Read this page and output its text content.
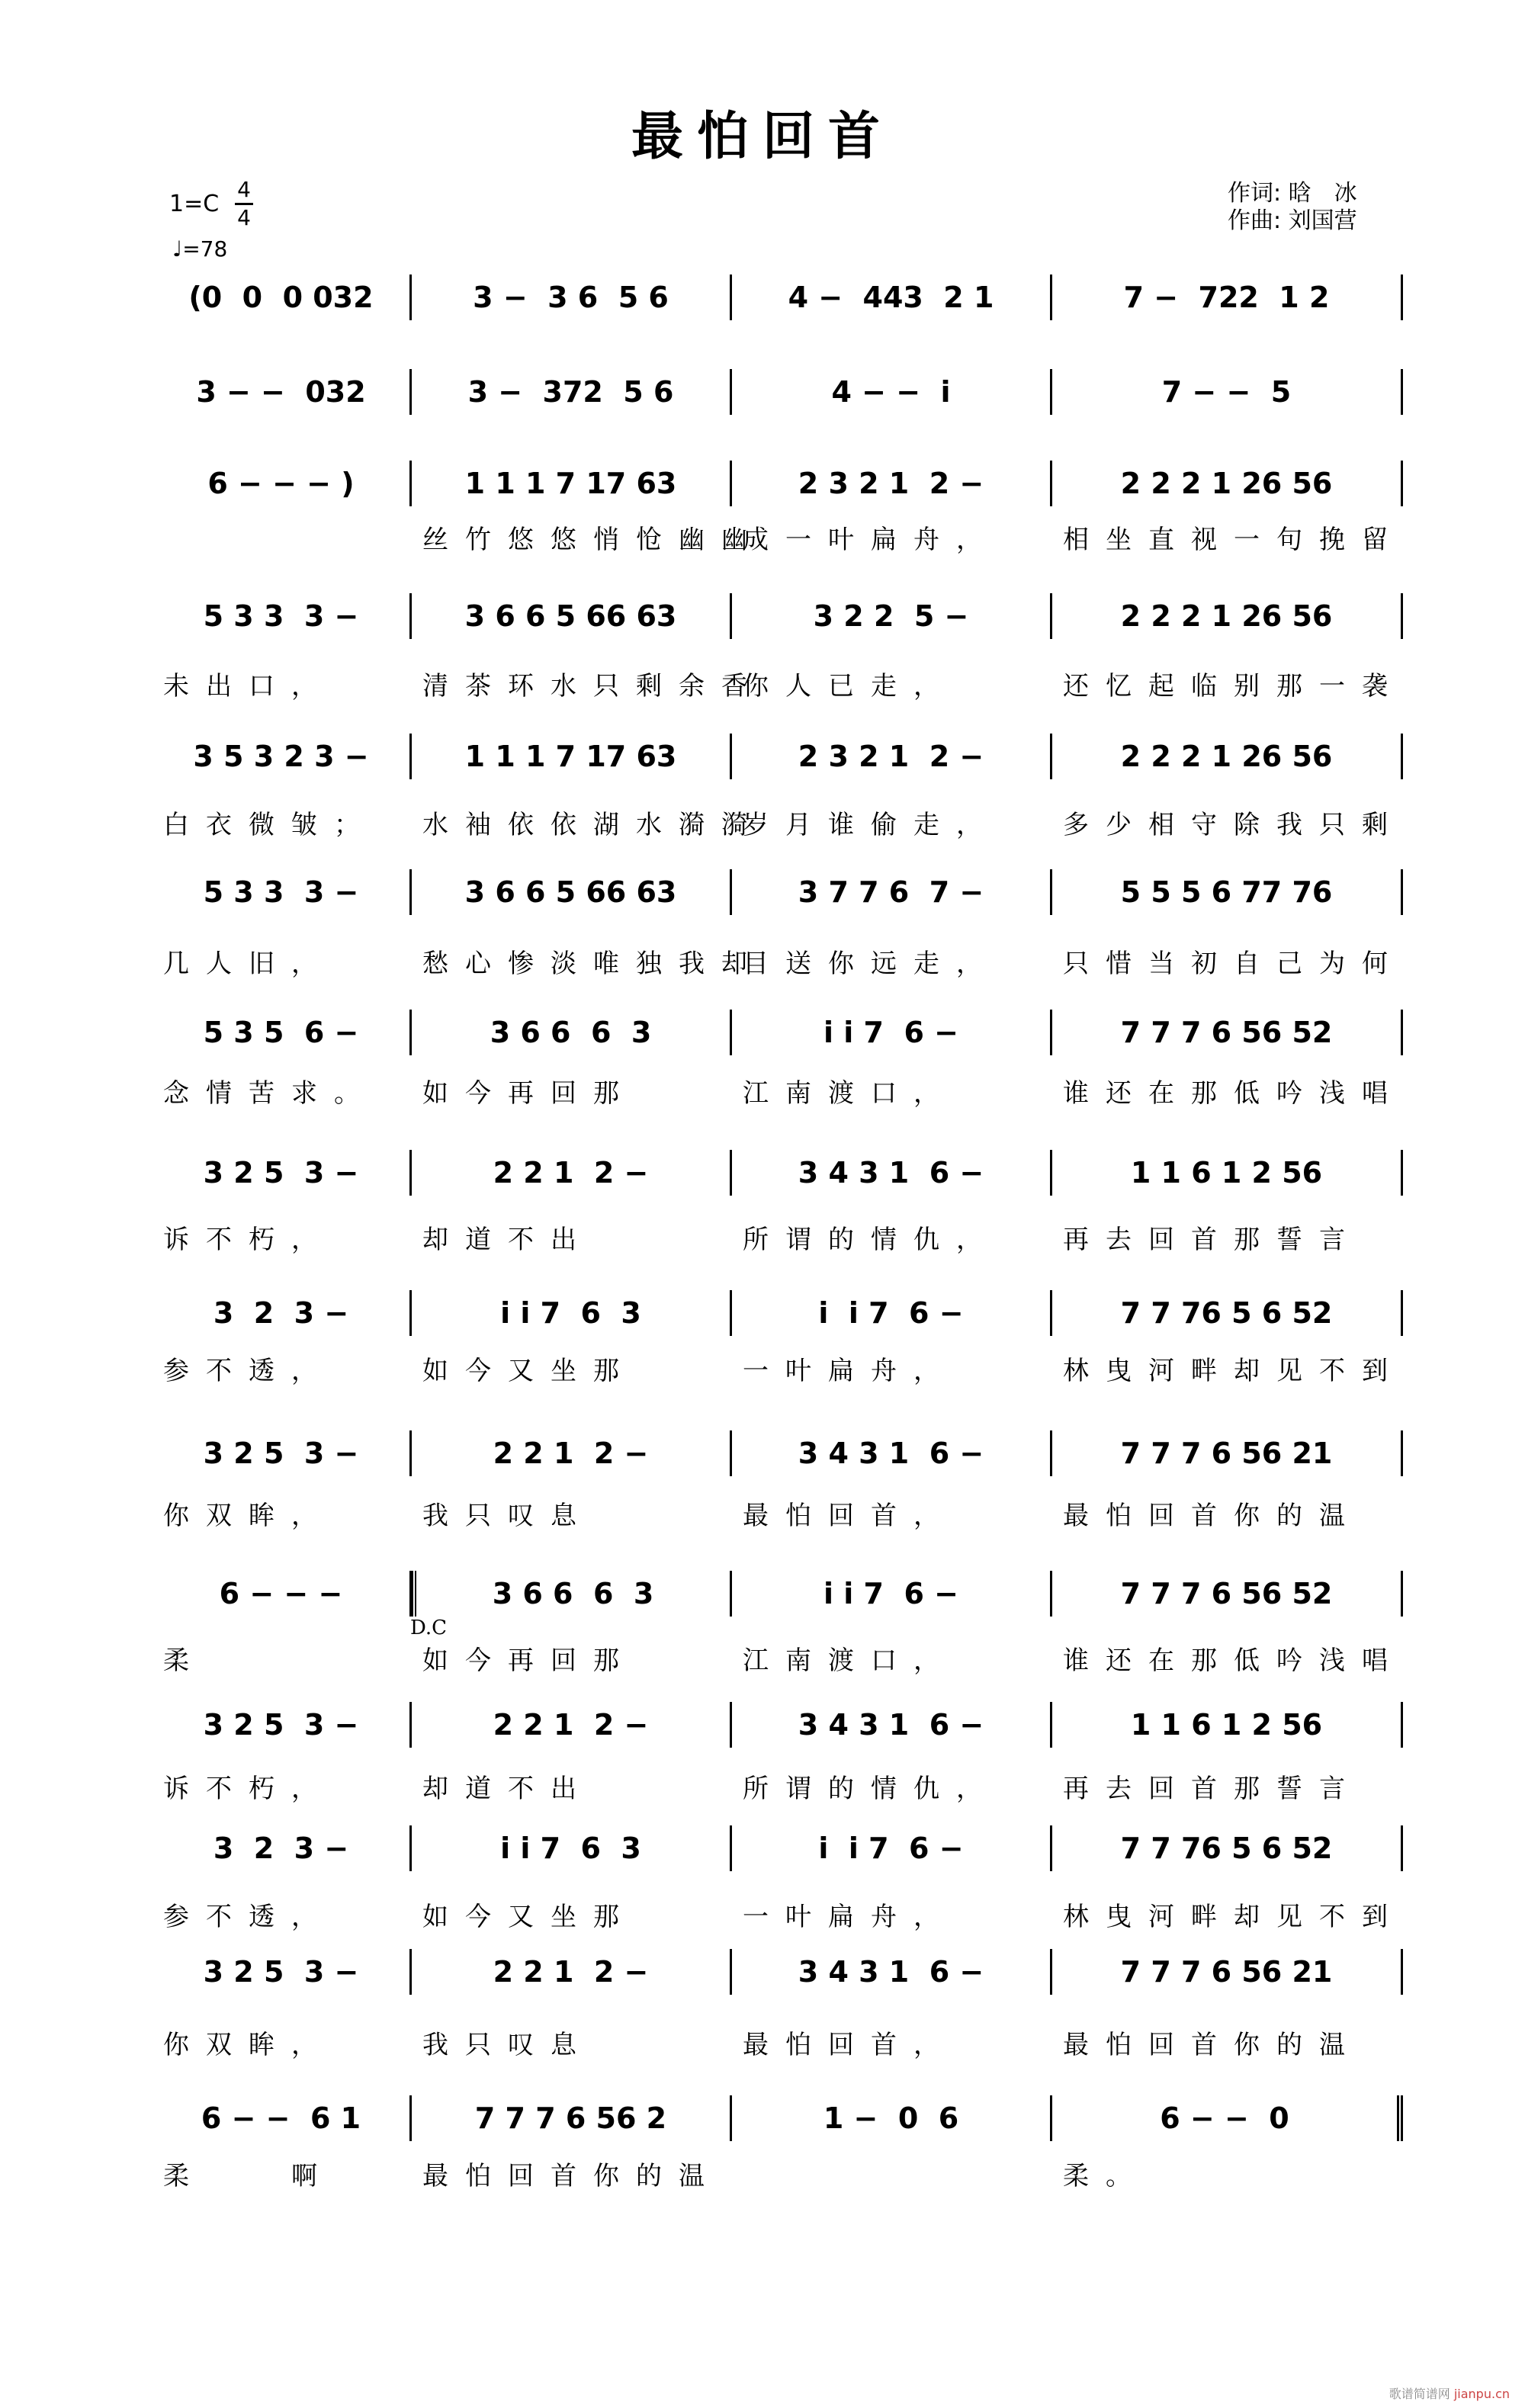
最怕回首
1=C
4
4
♩=78
作词: 晗　冰
作曲: 刘国营
(0  0  0 032	3 −  3 6  5 6	4 −  443  2 1	7 −  722  1 2
3 − −  032	3 −  372  5 6	4 − −  i	7 − −  5
6 − − − )	1 1 1 7 17 63	2 3 2 1  2 −	2 2 2 1 26 56
丝竹悠悠悄怆幽幽
成一叶扁舟，	相坐直视一句挽留
5 3 3  3 −	3 6 6 5 66 63	3 2 2  5 −	2 2 2 1 26 56
未出口，	清茶环水只剩余香
你人已走，	还忆起临别那一袭
3 5 3 2 3 −	1 1 1 7 17 63	2 3 2 1  2 −	2 2 2 1 26 56
白衣微皱；	水袖依依湖水漪漪
岁月谁偷走，	多少相守除我只剩
5 3 3  3 −	3 6 6 5 66 63	3 7 7 6  7 −	5 5 5 6 77 76
几人旧，	愁心惨淡唯独我却
目送你远走，	只惜当初自己为何
5 3 5  6 −	3 6 6  6  3	i i 7  6 −	7 7 7 6 56 52
念情苦求。	如今再回那	江南渡口，	谁还在那低吟浅唱
3 2 5  3 −	2 2 1  2 −	3 4 3 1  6 −	1 1 6 1 2 56
诉不朽，	却道不出	所谓的情仇，	再去回首那誓言
3  2  3 −	i i 7  6  3	i  i 7  6 −	7 7 76 5 6 52
参不透，	如今又坐那	一叶扁舟，	林曳河畔却见不到
3 2 5  3 −	2 2 1  2 −	3 4 3 1  6 −	7 7 7 6 56 21
你双眸，	我只叹息	最怕回首，	最怕回首你的温
6 − − −	3 6 6  6  3	i i 7  6 −	7 7 7 6 56 52
柔	如今再回那	江南渡口，	谁还在那低吟浅唱
3 2 5  3 −	2 2 1  2 −	3 4 3 1  6 −	1 1 6 1 2 56
诉不朽，	却道不出	所谓的情仇，	再去回首那誓言
3  2  3 −	i i 7  6  3	i  i 7  6 −	7 7 76 5 6 52
参不透，	如今又坐那	一叶扁舟，	林曳河畔却见不到
3 2 5  3 −	2 2 1  2 −	3 4 3 1  6 −	7 7 7 6 56 21
你双眸，	我只叹息	最怕回首，	最怕回首你的温
6 − −  6 1	7 7 7 6 56 2	1 −  0  6	6 − −  0
柔　　啊	最怕回首你的温	柔。
D.C
歌谱简谱网 jianpu.cn
